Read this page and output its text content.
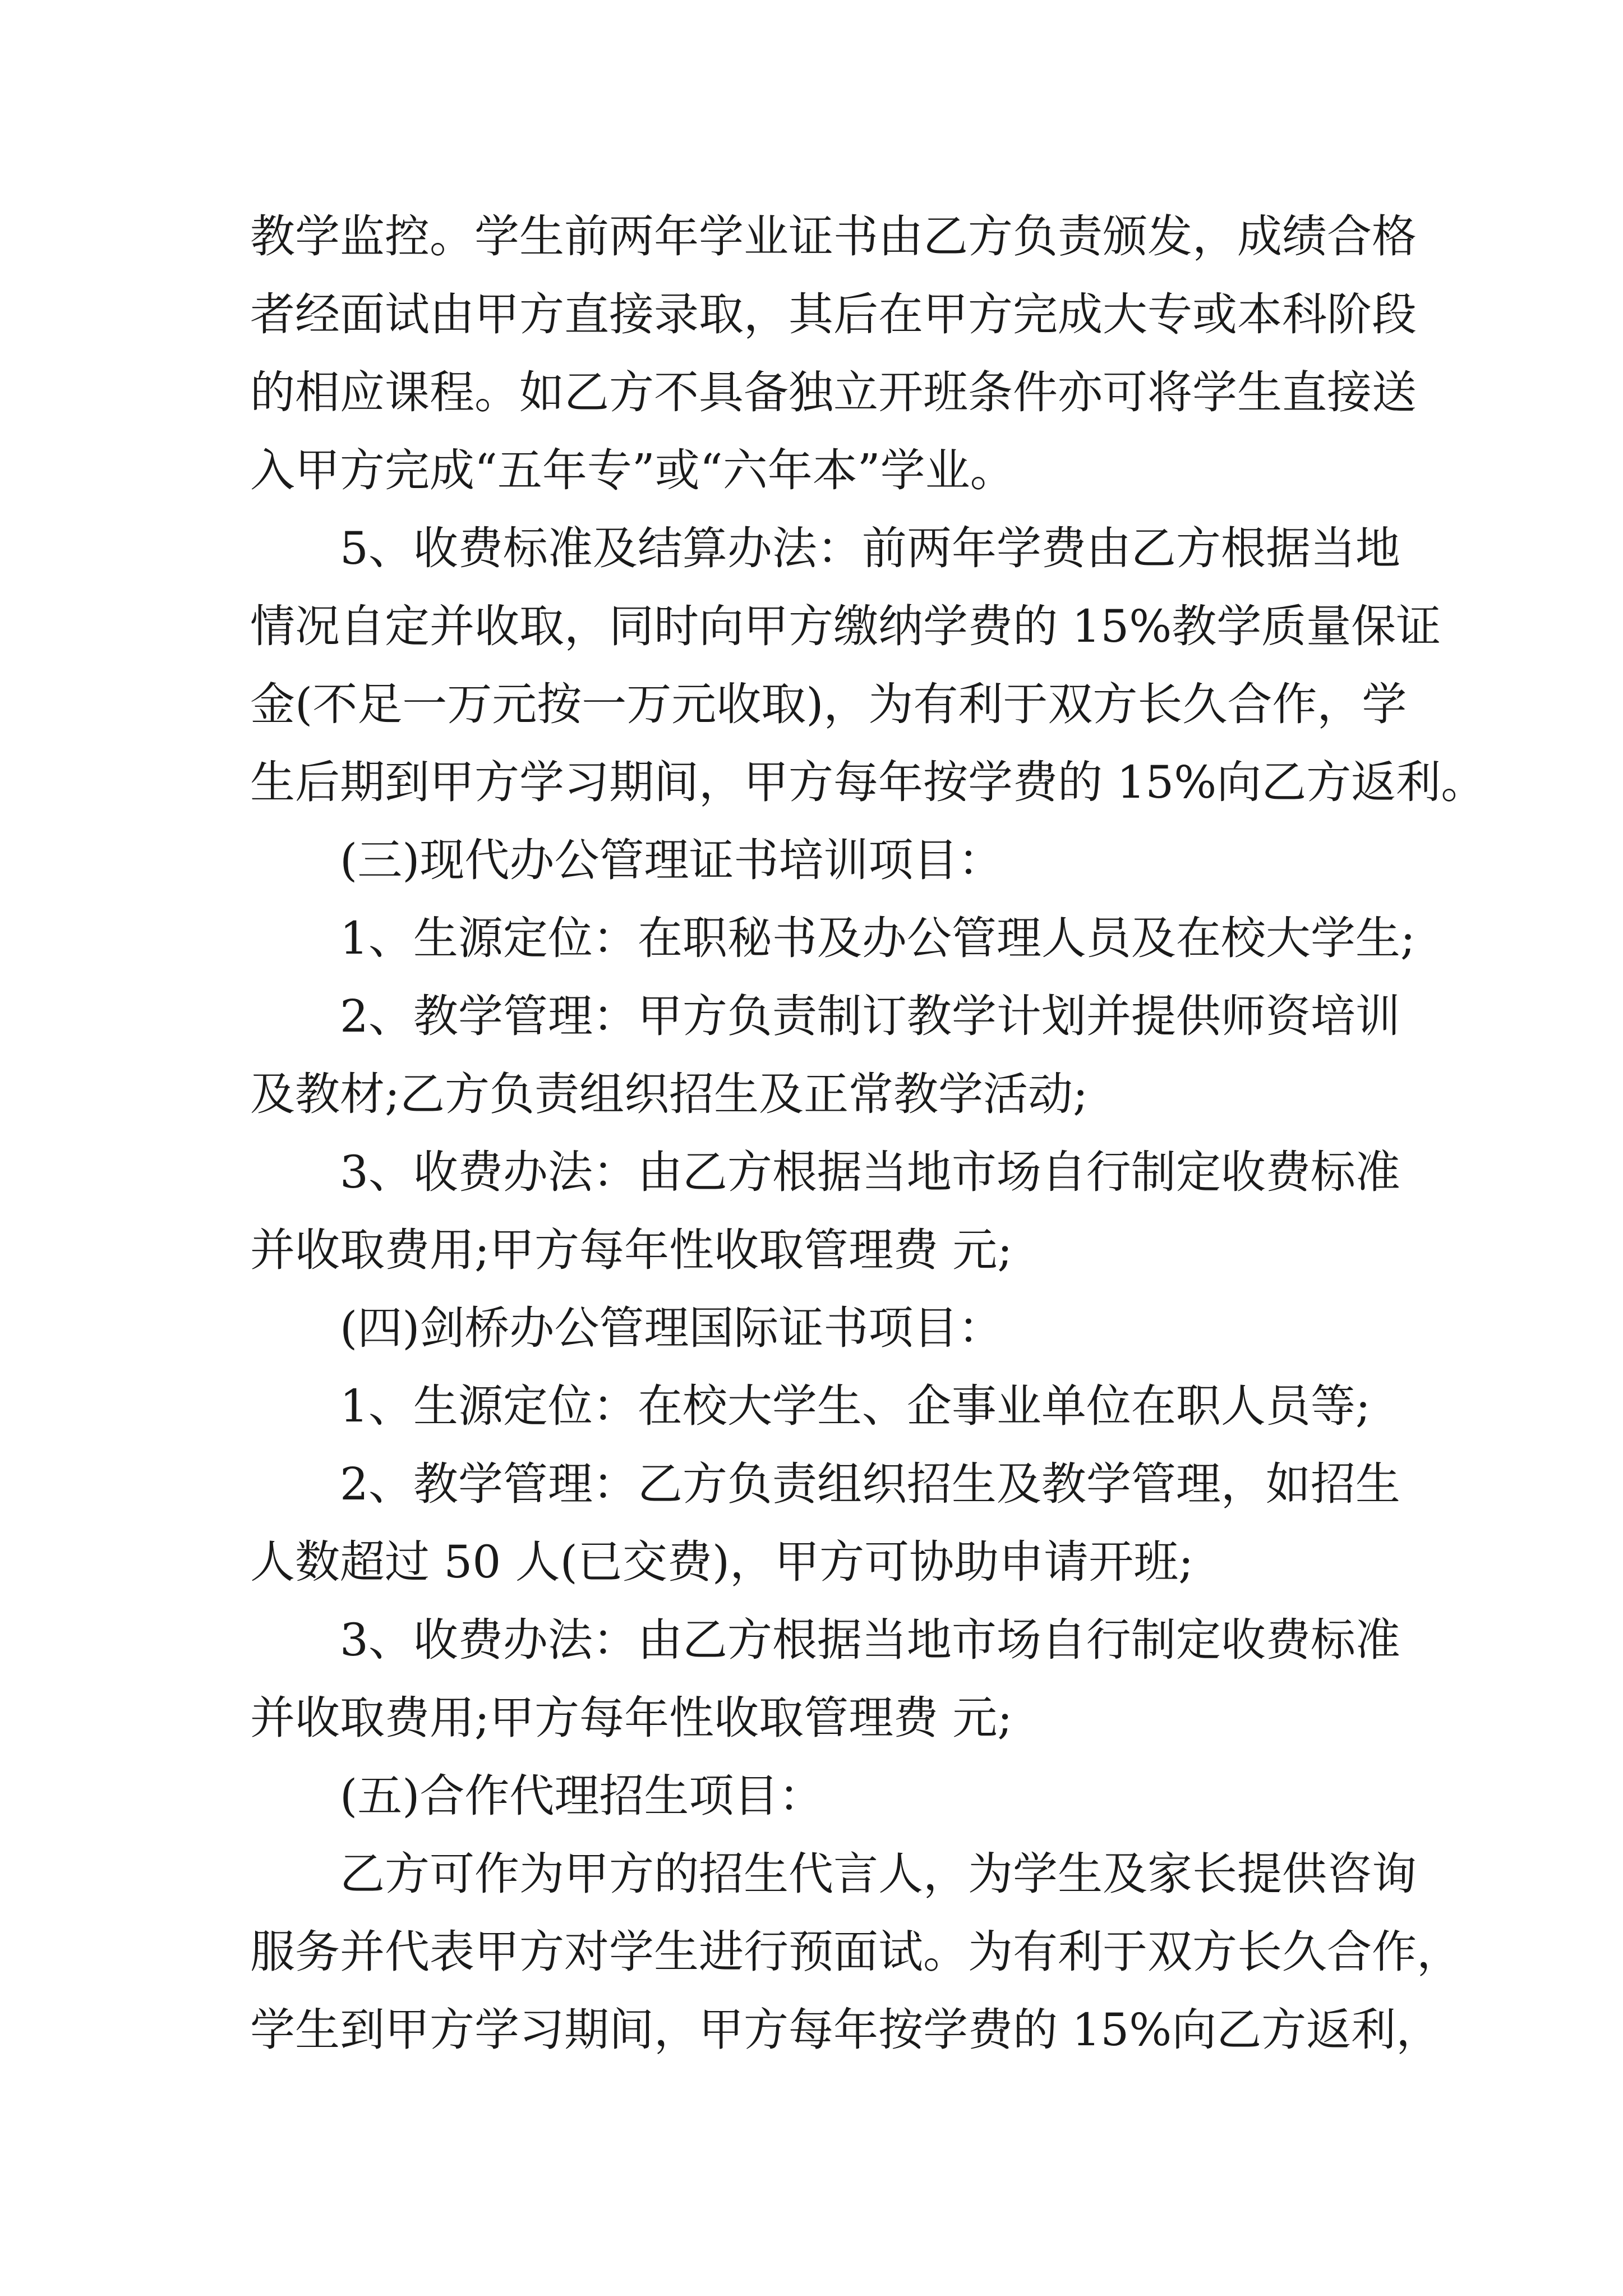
教学监控。学生前两年学业证书由乙方负责颁发，成绩合格
者经面试由甲方直接录取，其后在甲方完成大专或本科阶段
的相应课程。如乙方不具备独立开班条件亦可将学生直接送
入甲方完成“五年专”或“六年本”学业。
5、收费标准及结算办法：前两年学费由乙方根据当地
情况自定并收取，同时向甲方缴纳学费的 15%教学质量保证
金(不足一万元按一万元收取)，为有利于双方长久合作，学
生后期到甲方学习期间，甲方每年按学费的 15%向乙方返利。
(三)现代办公管理证书培训项目：
1、生源定位：在职秘书及办公管理人员及在校大学生;
2、教学管理：甲方负责制订教学计划并提供师资培训
及教材;乙方负责组织招生及正常教学活动;
3、收费办法：由乙方根据当地市场自行制定收费标准
并收取费用;甲方每年性收取管理费 元;
(四)剑桥办公管理国际证书项目：
1、生源定位：在校大学生、企事业单位在职人员等;
2、教学管理：乙方负责组织招生及教学管理，如招生
人数超过 50 人(已交费)，甲方可协助申请开班;
3、收费办法：由乙方根据当地市场自行制定收费标准
并收取费用;甲方每年性收取管理费 元;
(五)合作代理招生项目：
乙方可作为甲方的招生代言人，为学生及家长提供咨询
服务并代表甲方对学生进行预面试。为有利于双方长久合作，
学生到甲方学习期间，甲方每年按学费的 15%向乙方返利，
